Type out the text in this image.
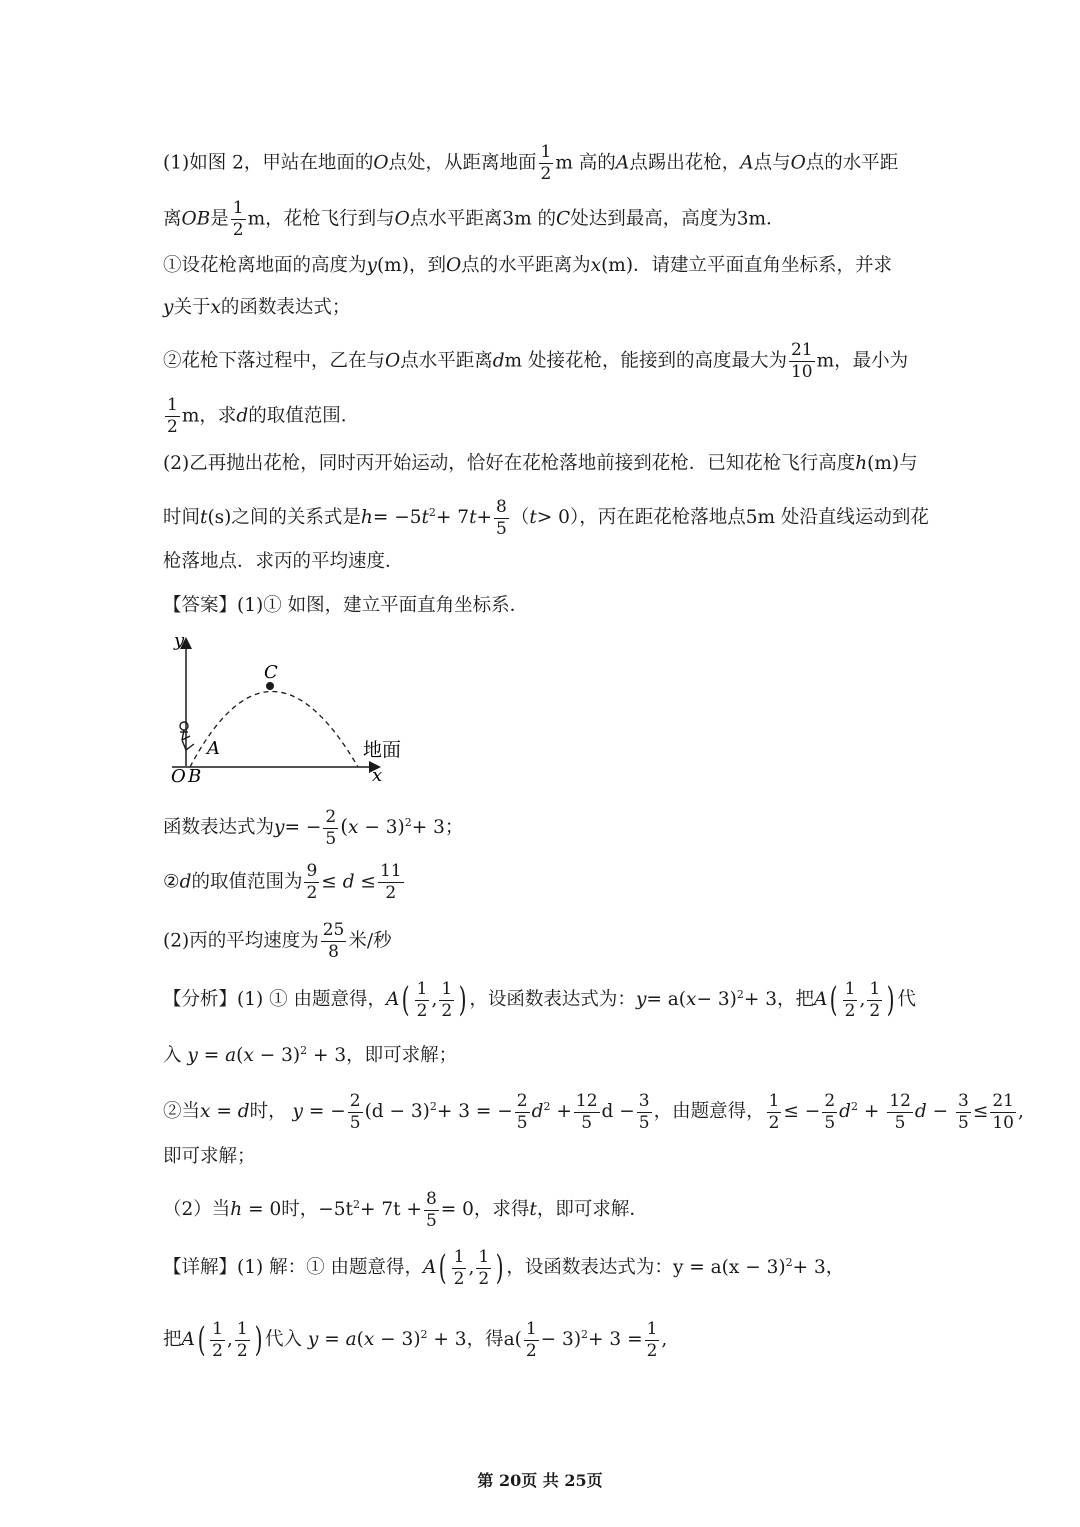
(1)如图 2，甲站在地面的O点处，从距离地面 $\frac{1}{2}$ m 高的A点踢出花枪，A点与O点的水平距
离OB是 $\frac{1}{2}$ m，花枪飞行到与O点水平距离3m 的C处达到最高，高度为3m．
①设花枪离地面的高度为y(m)，到O点的水平距离为x(m)．请建立平面直角坐标系，并求
y关于x的函数表达式；
②花枪下落过程中，乙在与O点水平距离dm 处接花枪，能接到的高度最大为 $\frac{21}{10}$ m，最小为
$\frac{1}{2}$ m，求d的取值范围．
(2)乙再抛出花枪，同时丙开始运动，恰好在花枪落地前接到花枪．已知花枪飞行高度h(m)与
时间t(s)之间的关系式是$h= -5t^2+ 7t+ \frac{8}{5} (t> 0)$，丙在距花枪落地点5m 处沿直线运动到花
枪落地点．求丙的平均速度．
【答案】(1)① 如图，建立平面直角坐标系．
y
x
C
A
O B
地面
函数表达式为$y= - \frac{2}{5} (x - 3)^2+ 3$；
②d的取值范围为 $\frac{9}{2} \le d \le \frac{11}{2}$
(2)丙的平均速度为 $\frac{25}{8}$ 米/秒
【分析】(1) ① 由题意得，$A( \frac{1}{2}$ , $\frac{1}{2}$ ) ，设函数表达式为：$y= a(x- 3)^2+ 3$，把$A( \frac{1}{2}$ , $\frac{1}{2}$ ) 代
入 $y = a(x - 3)^2 + 3$，即可求解；
②当x = d时， y = − $\frac{2}{5} (d - 3)^2+ 3$ = − $\frac{2}{5} d^2 + \frac{12}{5}$ $d - \frac{3}{5}$ ，由题意得， $\frac{1}{2}$ ≤ − $\frac{2}{5} d^2 + \frac{12}{5}$ $d - \frac{3}{5} \le \frac{21}{10}$ ,
即可求解；
（2）当h = 0时，$-5t^2+ 7t + \frac{8}{5} = 0$，求得t，即可求解．
【详解】(1) 解：① 由题意得，$A( \frac{1}{2}$ , $\frac{1}{2}$ ) ，设函数表达式为：$y = a(x - 3)^2+ 3$，
把$A( \frac{1}{2}$ , $\frac{1}{2}$ ) 代入 $y = a(x - 3)^2 + 3$，得$a( \frac{1}{2} - 3)^2+ 3 = \frac{1}{2}$ ,
第 20页 共 25页
